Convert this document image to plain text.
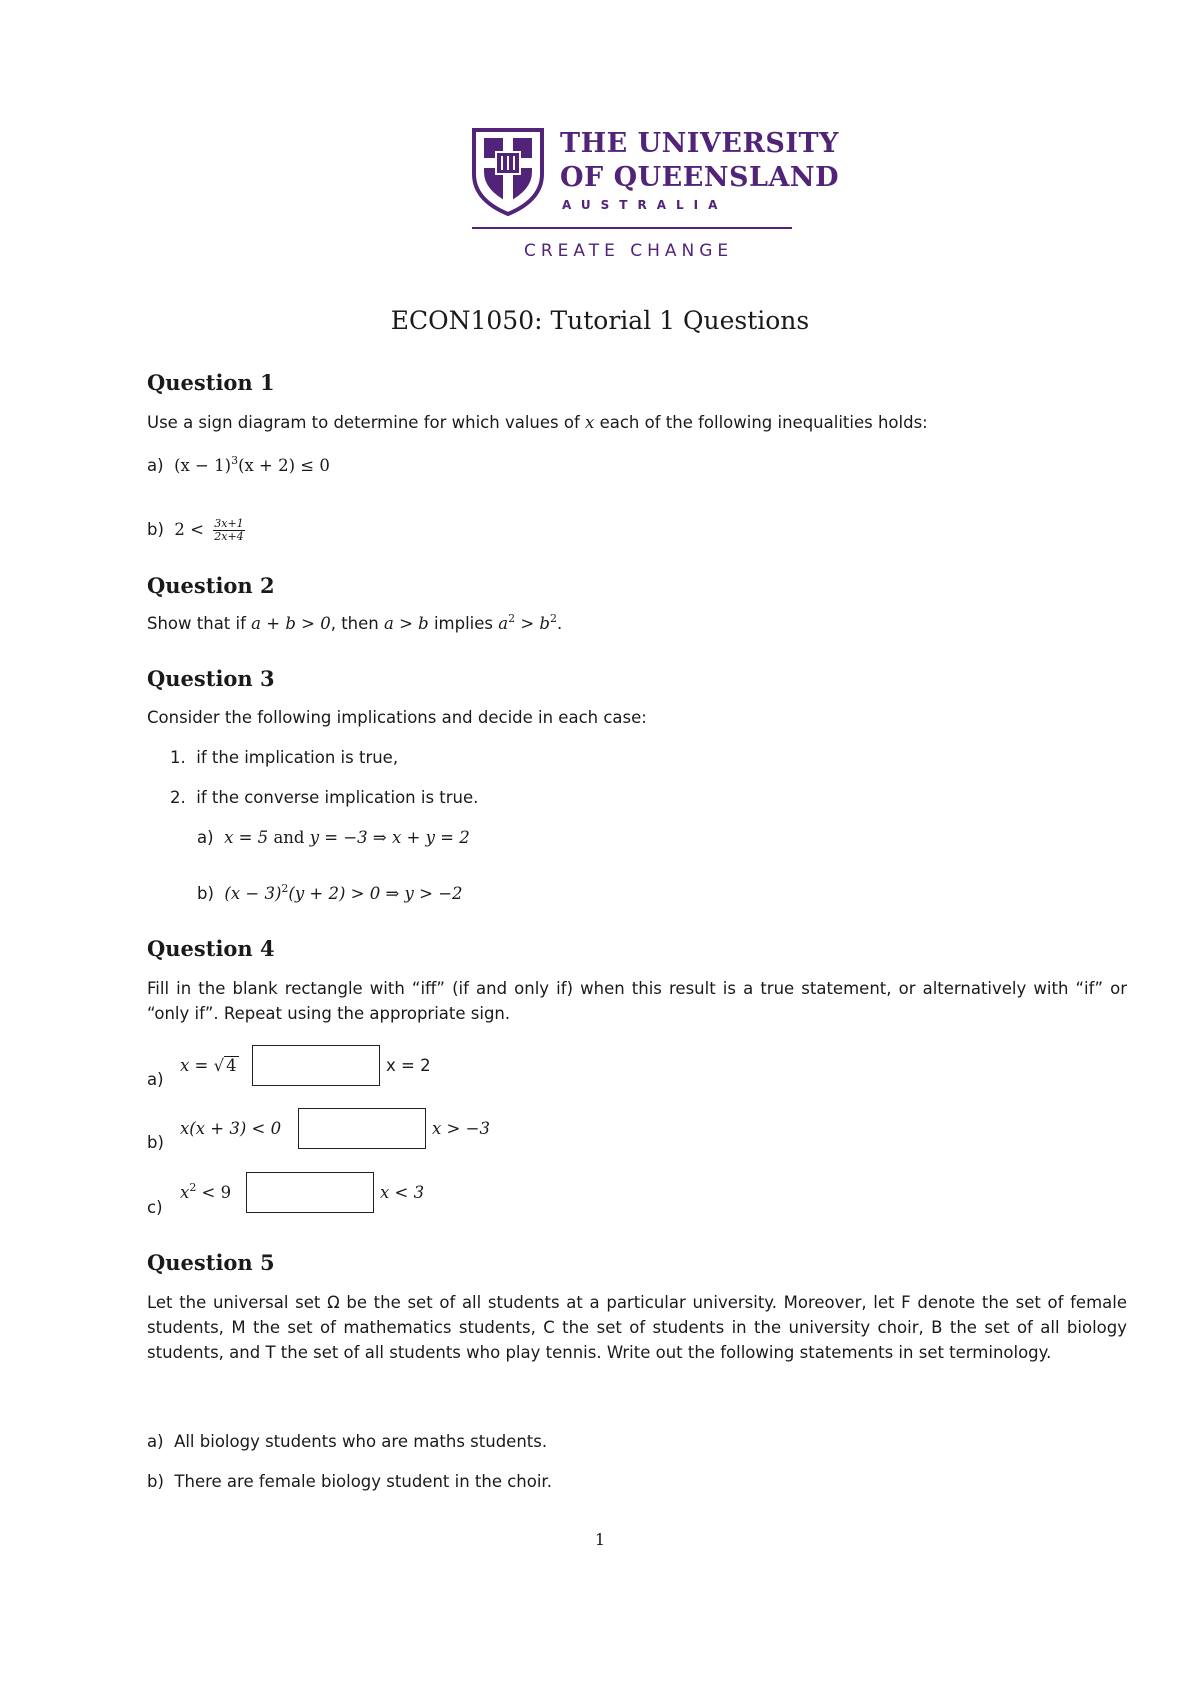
THE UNIVERSITY
OF QUEENSLAND
AUSTRALIA
CREATE CHANGE
ECON1050: Tutorial 1 Questions
Question 1
Use a sign diagram to determine for which values of x each of the following inequalities holds:
a) $(x - 1)^3(x + 2) \le 0$
b) $2 < \frac{3x+1}{2x+4}$
Question 2
Show that if a + b > 0, then a > b implies $a^2 > b^2$.
Question 3
Consider the following implications and decide in each case:
1. if the implication is true,
2. if the converse implication is true.
a) x = 5 and y = −3 ⇒ x + y = 2
b) $(x - 3)^2(y + 2) > 0$ ⇒ y > −2
Question 4
Fill in the blank rectangle with “iff” (if and only if) when this result is a true statement, or alternatively with “if” or “only if”. Repeat using the appropriate sign.
a)
x = √ 4	x = 2
b)
x(x + 3) < 0	x > −3
c)
$x^2 < 9$	x < 3
Question 5
Let the universal set Ω be the set of all students at a particular university. Moreover, let F denote the set of female students, M the set of mathematics students, C the set of students in the university choir, B the set of all biology students, and T the set of all students who play tennis. Write out the following statements in set terminology.
a) All biology students who are maths students.
b) There are female biology student in the choir.
1
